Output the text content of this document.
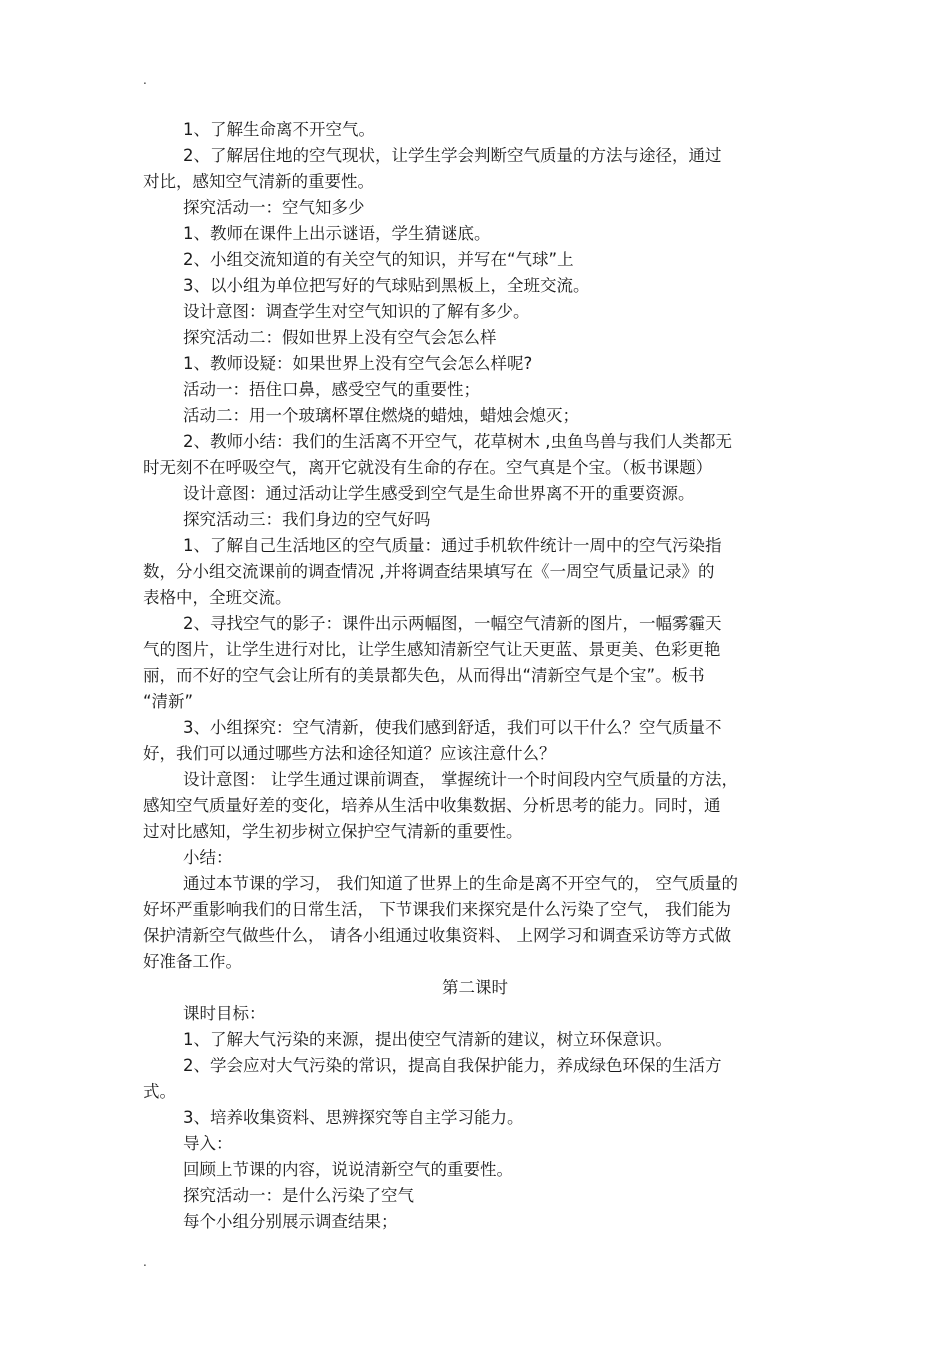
.
1、了解生命离不开空气。
2、了解居住地的空气现状，让学生学会判断空气质量的方法与途径，通过
对比，感知空气清新的重要性。
探究活动一：空气知多少
1、教师在课件上出示谜语，学生猜谜底。
2、小组交流知道的有关空气的知识，并写在“气球”上
3、以小组为单位把写好的气球贴到黑板上，全班交流。
设计意图：调查学生对空气知识的了解有多少。
探究活动二：假如世界上没有空气会怎么样
1、教师设疑：如果世界上没有空气会怎么样呢?
活动一：捂住口鼻，感受空气的重要性；
活动二：用一个玻璃杯罩住燃烧的蜡烛，蜡烛会熄灭；
2、教师小结：我们的生活离不开空气，花草树木 ,虫鱼鸟兽与我们人类都无
时无刻不在呼吸空气，离开它就没有生命的存在。空气真是个宝。（板书课题）
设计意图：通过活动让学生感受到空气是生命世界离不开的重要资源。
探究活动三：我们身边的空气好吗
1、了解自己生活地区的空气质量：通过手机软件统计一周中的空气污染指
数，分小组交流课前的调查情况 ,并将调查结果填写在《一周空气质量记录》的
表格中，全班交流。
2、寻找空气的影子：课件出示两幅图，一幅空气清新的图片，一幅雾霾天
气的图片，让学生进行对比，让学生感知清新空气让天更蓝、景更美、色彩更艳
丽，而不好的空气会让所有的美景都失色，从而得出“清新空气是个宝”。板书
“清新”
3、小组探究：空气清新，使我们感到舒适，我们可以干什么？空气质量不
好，我们可以通过哪些方法和途径知道？应该注意什么？
设计意图： 让学生通过课前调查， 掌握统计一个时间段内空气质量的方法，
感知空气质量好差的变化，培养从生活中收集数据、分析思考的能力。同时，通
过对比感知，学生初步树立保护空气清新的重要性。
小结：
通过本节课的学习， 我们知道了世界上的生命是离不开空气的， 空气质量的
好坏严重影响我们的日常生活， 下节课我们来探究是什么污染了空气， 我们能为
保护清新空气做些什么， 请各小组通过收集资料、 上网学习和调查采访等方式做
好准备工作。
第二课时
课时目标：
1、了解大气污染的来源，提出使空气清新的建议，树立环保意识。
2、学会应对大气污染的常识，提高自我保护能力，养成绿色环保的生活方
式。
3、培养收集资料、思辨探究等自主学习能力。
导入：
回顾上节课的内容，说说清新空气的重要性。
探究活动一：是什么污染了空气
每个小组分别展示调查结果；
.
